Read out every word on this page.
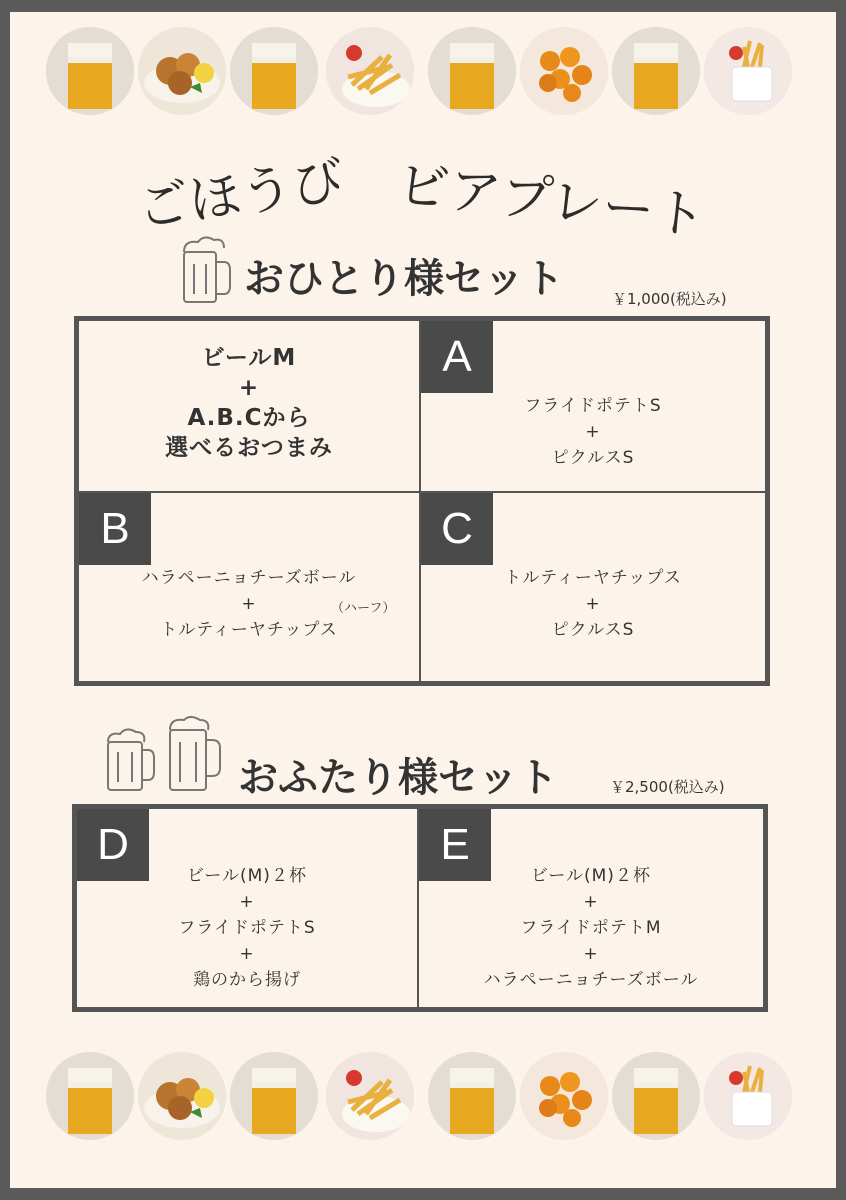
ごほうび ビアプレート
おひとり様セット	￥1,000(税込み)
ビールM
+
A.B.Cから
選べるおつまみ
A
フライドポテトS
+
ピクルスS
B
ハラペーニョチーズボール
+
トルティーヤチップス
（ハーフ）
C
トルティーヤチップス
+
ピクルスS
おふたり様セット	￥2,500(税込み)
D
ビール(M)２杯
+
フライドポテトS
+
鶏のから揚げ
E
ビール(M)２杯
+
フライドポテトM
+
ハラペーニョチーズボール
